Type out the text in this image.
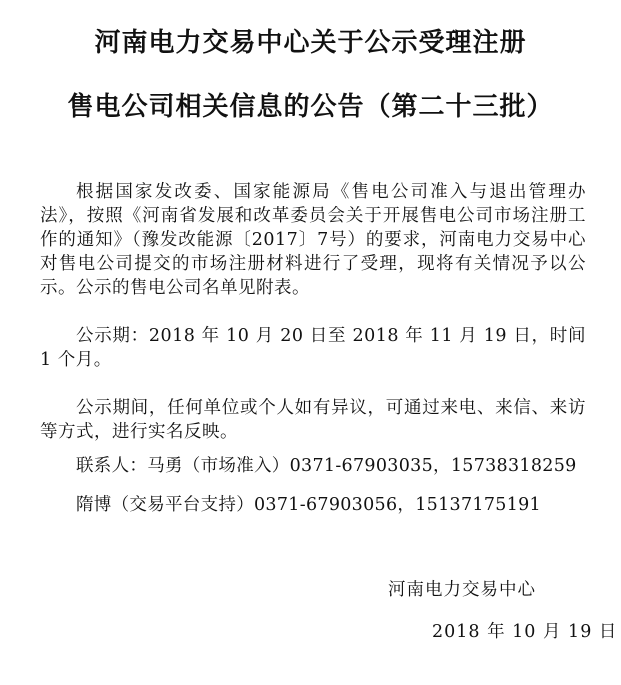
河南电力交易中心关于公示受理注册
售电公司相关信息的公告（第二十三批）

根据国家发改委、国家能源局《售电公司准入与退出管理办法》，按照《河南省发展和改革委员会关于开展售电公司市场注册工作的通知》（豫发改能源〔2017〕7号）的要求，河南电力交易中心对售电公司提交的市场注册材料进行了受理，现将有关情况予以公示。公示的售电公司名单见附表。

公示期：2018 年 10 月 20 日至 2018 年 11 月 19 日，时间 1 个月。

公示期间，任何单位或个人如有异议，可通过来电、来信、来访等方式，进行实名反映。

联系人：马勇（市场准入）0371-67903035，15738318259

隋博（交易平台支持）0371-67903056，15137175191

河南电力交易中心
2018 年 10 月 19 日
